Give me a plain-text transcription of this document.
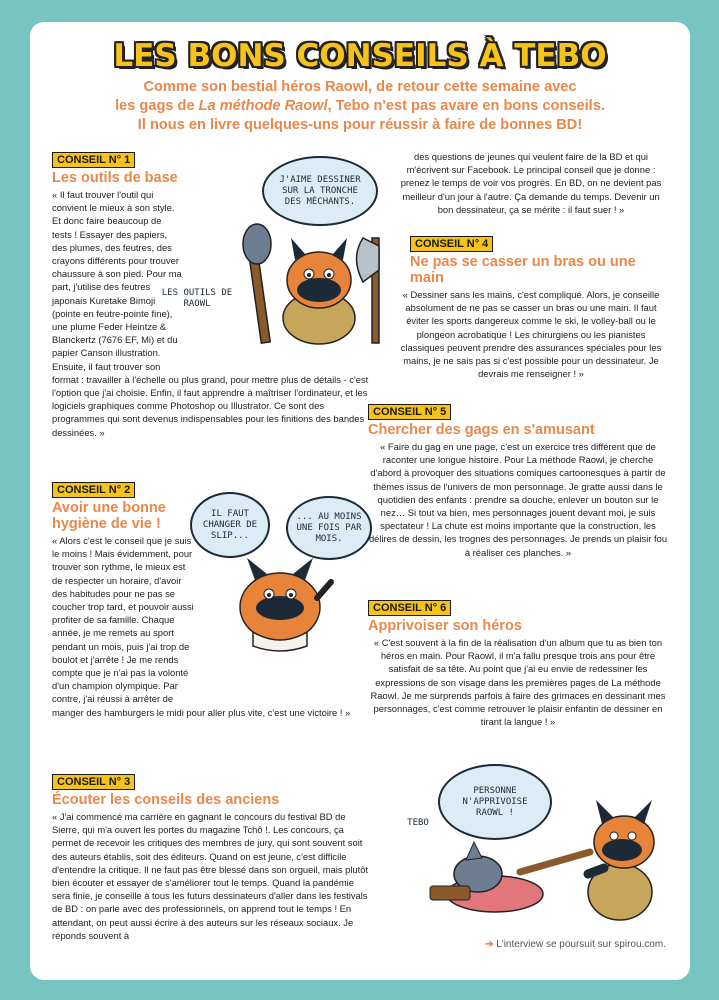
LES BONS CONSEILS À TEBO

Comme son bestial héros Raowl, de retour cette semaine avec

les gags de La méthode Raowl, Tebo n'est pas avare en bons conseils.

Il nous en livre quelques-uns pour réussir à faire de bonnes BD!

CONSEIL N° 1
Les outils de base
« Il faut trouver l'outil qui convient le mieux à son style. Et donc faire beaucoup de tests ! Essayer des papiers, des plumes, des feutres, des crayons différents pour trouver chaussure à son pied. Pour ma part, j'utilise des feutres japonais Kuretake Bimoji (pointe en feutre-pointe fine), une plume Feder Heintze & Blanckertz (7676 EF, Mi) et du papier Canson illustration. Ensuite, il faut trouver son format : travailler à l'échelle ou plus grand, pour mettre plus de détails - c'est l'option que j'ai choisie. Enfin, il faut apprendre à maîtriser l'ordinateur, et les logiciels graphiques comme Photoshop ou Illustrator. Ce sont des programmes qui sont devenus indispensables pour les finitions des bandes dessinées. »
J'AIME DESSINER SUR LA TRONCHE DES MÉCHANTS.
LES OUTILS DE RAOWL
CONSEIL N° 2
Avoir une bonne hygiène de vie !
« Alors c'est le conseil que je suis le moins ! Mais évidemment, pour trouver son rythme, le mieux est de respecter un horaire, d'avoir des habitudes pour ne pas se coucher trop tard, et pouvoir aussi profiter de sa famille. Chaque année, je me remets au sport pendant un mois, puis j'ai trop de boulot et j'arrête ! Je me rends compte que je n'ai pas la volonté d'un champion olympique. Par contre, j'ai réussi à arrêter de manger des hamburgers le midi pour aller plus vite, c'est une victoire ! »
IL FAUT CHANGER DE SLIP...
... AU MOINS UNE FOIS PAR MOIS.
CONSEIL N° 3
Écouter les conseils des anciens
« J'ai commencé ma carrière en gagnant le concours du festival BD de Sierre, qui m'a ouvert les portes du magazine Tchô !. Les concours, ça permet de recevoir les critiques des membres de jury, qui sont souvent soit des auteurs établis, soit des éditeurs. Quand on est jeune, c'est difficile d'entendre la critique. Il ne faut pas être blessé dans son orgueil, mais plutôt bien écouter et essayer de s'améliorer tout le temps. Quand la pandémie sera finie, je conseille à tous les futurs dessinateurs d'aller dans les festivals de BD : on parle avec des professionnels, on apprend tout le temps ! En attendant, on peut aussi écrire à des auteurs sur les réseaux sociaux. Je réponds souvent à
des questions de jeunes qui veulent faire de la BD et qui m'écrivent sur Facebook. Le principal conseil que je donne : prenez le temps de voir vos progrès. En BD, on ne devient pas meilleur d'un jour à l'autre. Ça demande du temps. Devenir un bon dessinateur, ça se mérite : il faut suer ! »
CONSEIL N° 4
Ne pas se casser un bras ou une main
« Dessiner sans les mains, c'est compliqué. Alors, je conseille absolument de ne pas se casser un bras ou une main. Il faut éviter les sports dangereux comme le ski, le volley-ball ou le plongeon acrobatique ! Les chirurgiens ou les pianistes classiques peuvent prendre des assurances spéciales pour les mains, je ne sais pas si c'est possible pour un dessinateur. Je devrais me renseigner ! »
CONSEIL N° 5
Chercher des gags en s'amusant
« Faire du gag en une page, c'est un exercice très différent que de raconter une longue histoire. Pour La méthode Raowl, je cherche d'abord à provoquer des situations comiques cartoonesques à partir de thèmes issus de l'univers de mon personnage. Je gratte aussi dans le quotidien des enfants : prendre sa douche, enlever un bouton sur le nez… Si tout va bien, mes personnages jouent devant moi, je suis spectateur ! La chute est moins importante que la construction, les délires de dessin, les trognes des personnages. Je prends un plaisir fou à réaliser ces planches. »
CONSEIL N° 6
Apprivoiser son héros
« C'est souvent à la fin de la réalisation d'un album que tu as bien ton héros en main. Pour Raowl, il m'a fallu presque trois ans pour être satisfait de sa tête. Au point que j'ai eu envie de redessiner les expressions de son visage dans les premières pages de La méthode Raowl. Je me surprends parfois à faire des grimaces en dessinant mes personnages, c'est comme retrouver le plaisir enfantin de dessiner en tirant la langue ! »
PERSONNE N'APPRIVOISE RAOWL !
TEBO
➜ L'interview se poursuit sur spirou.com.
